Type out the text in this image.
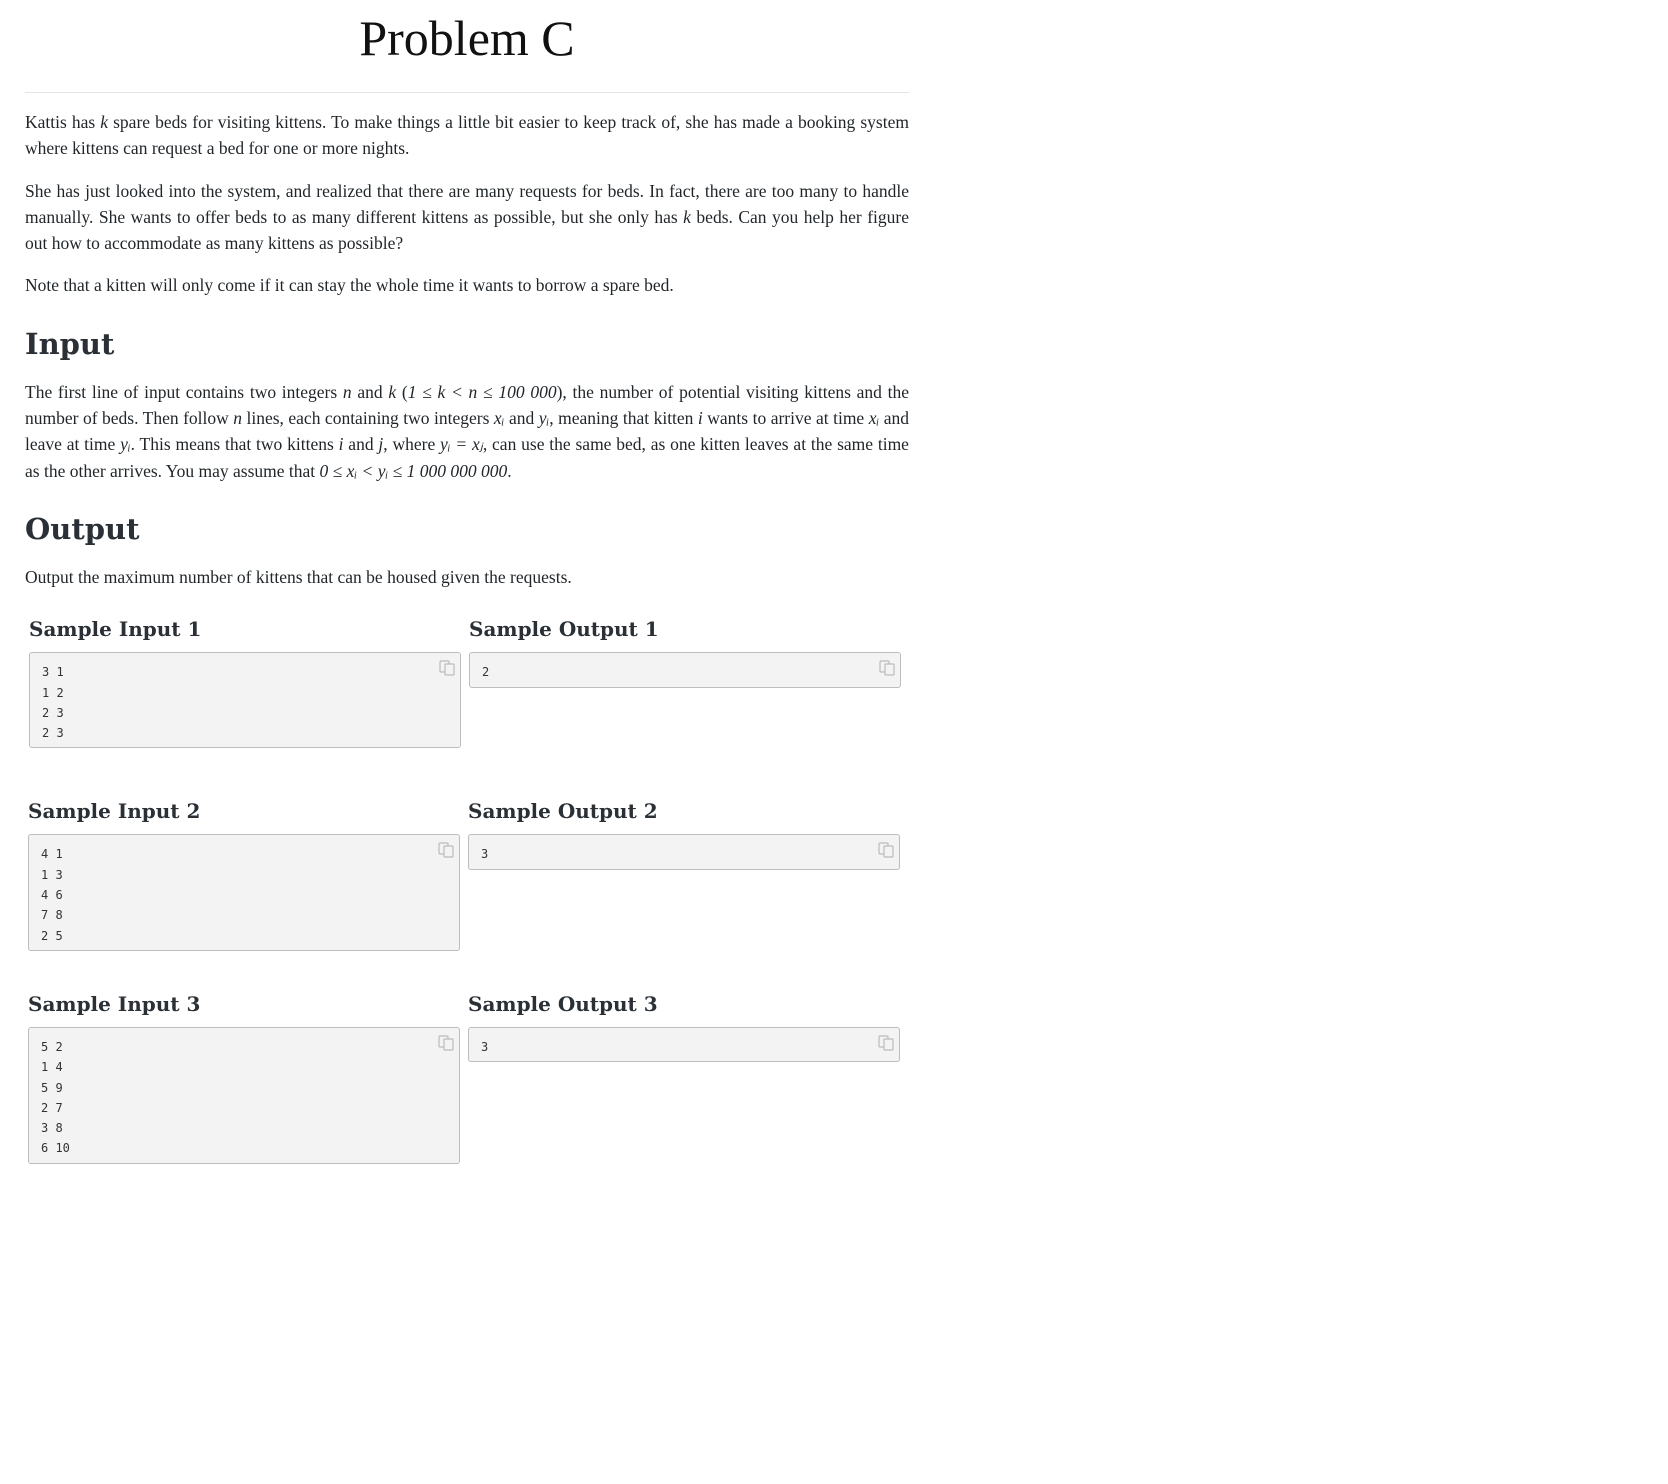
Problem C

Kattis has k spare beds for visiting kittens. To make things a little bit easier to keep track of, she has made a booking system where kittens can request a bed for one or more nights.

She has just looked into the system, and realized that there are many requests for beds. In fact, there are too many to handle manually. She wants to offer beds to as many different kittens as possible, but she only has k beds. Can you help her figure out how to accommodate as many kittens as possible?

Note that a kitten will only come if it can stay the whole time it wants to borrow a spare bed.

Input

The first line of input contains two integers n and k (1 ≤ k < n ≤ 100 000), the number of potential visiting kittens and the number of beds. Then follow n lines, each containing two integers xᵢ and yᵢ, meaning that kitten i wants to arrive at time xᵢ and leave at time yᵢ. This means that two kittens i and j, where yᵢ = xⱼ, can use the same bed, as one kitten leaves at the same time as the other arrives. You may assume that 0 ≤ xᵢ < yᵢ ≤ 1 000 000 000.

Output

Output the maximum number of kittens that can be housed given the requests.

Sample Input 1
3 1
1 2
2 3
2 3
Sample Output 1
2
Sample Input 2
4 1
1 3
4 6
7 8
2 5
Sample Output 2
3
Sample Input 3
5 2
1 4
5 9
2 7
3 8
6 10
Sample Output 3
3
